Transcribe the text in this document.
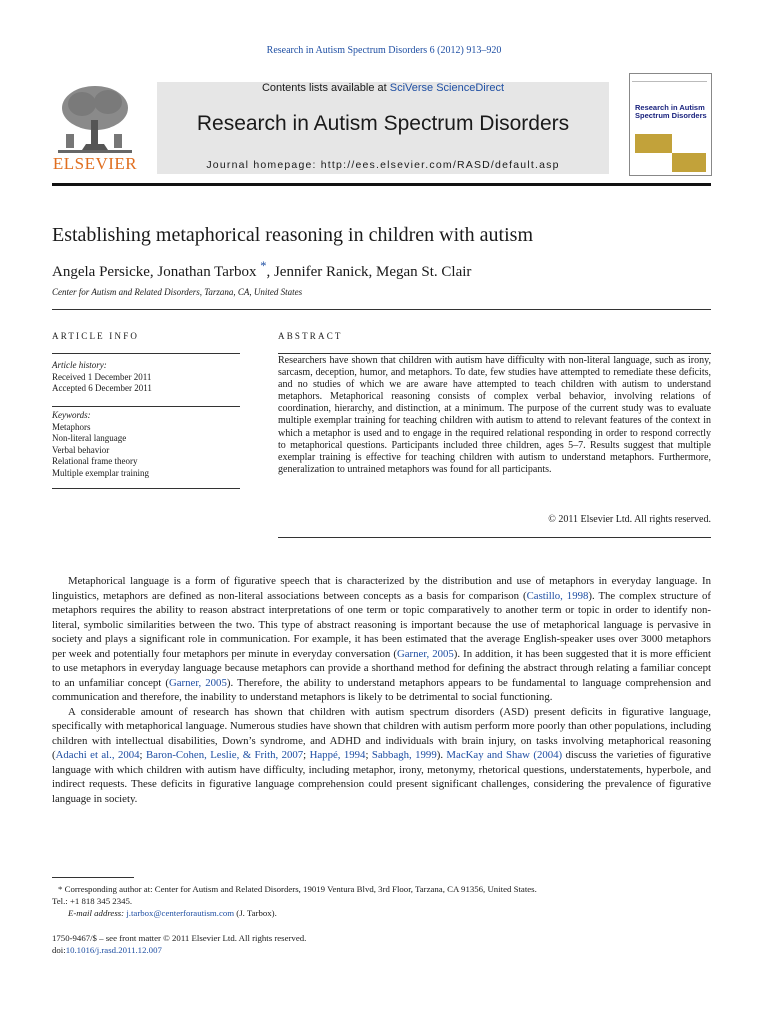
Research in Autism Spectrum Disorders 6 (2012) 913–920
ELSEVIER
Contents lists available at SciVerse ScienceDirect
Research in Autism Spectrum Disorders
Journal homepage: http://ees.elsevier.com/RASD/default.asp
Research in Autism Spectrum Disorders
Establishing metaphorical reasoning in children with autism
Angela Persicke, Jonathan Tarbox *, Jennifer Ranick, Megan St. Clair
Center for Autism and Related Disorders, Tarzana, CA, United States
ARTICLE INFO
Article history:
Received 1 December 2011
Accepted 6 December 2011
Keywords:
Metaphors
Non-literal language
Verbal behavior
Relational frame theory
Multiple exemplar training
ABSTRACT
Researchers have shown that children with autism have difficulty with non-literal language, such as irony, sarcasm, deception, humor, and metaphors. To date, few studies have attempted to remediate these deficits, and no studies of which we are aware have attempted to teach children with autism to understand metaphors. Metaphorical reasoning consists of complex verbal behavior, involving relations of coordination, hierarchy, and distinction, at a minimum. The purpose of the current study was to evaluate multiple exemplar training for teaching children with autism to attend to relevant features of the context in which a metaphor is used and to engage in the required relational responding in order to respond correctly to metaphorical questions. Participants included three children, ages 5–7. Results suggest that multiple exemplar training is effective for teaching children with autism to understand metaphors. Furthermore, generalization to untrained metaphors was found for all participants.
© 2011 Elsevier Ltd. All rights reserved.

Metaphorical language is a form of figurative speech that is characterized by the distribution and use of metaphors in everyday language. In linguistics, metaphors are defined as non-literal associations between concepts as a basis for comparison (Castillo, 1998). The complex structure of metaphors requires the ability to reason abstract interpretations of one term or topic comparatively to another term or topic in order to identify non-literal, symbolic similarities between the two. This type of abstract reasoning is important because the use of metaphorical language is pervasive in society and plays a significant role in communication. For example, it has been estimated that the average English-speaker uses over 3000 metaphors per week and potentially four metaphors per minute in everyday conversation (Garner, 2005). In addition, it has been suggested that it is more efficient to use metaphors in everyday language because metaphors can provide a shorthand method for defining the abstract through relating a familiar concept to an unfamiliar concept (Garner, 2005). Therefore, the ability to understand metaphors appears to be fundamental to language comprehension and communication and therefore, the inability to understand metaphors is likely to be detrimental to social functioning.

A considerable amount of research has shown that children with autism spectrum disorders (ASD) present deficits in figurative language, specifically with metaphorical language. Numerous studies have shown that children with autism perform more poorly than other populations, including children with intellectual disabilities, Down’s syndrome, and ADHD and individuals with brain injury, on tasks involving metaphorical reasoning (Adachi et al., 2004; Baron-Cohen, Leslie, & Frith, 2007; Happé, 1994; Sabbagh, 1999). MacKay and Shaw (2004) discuss the varieties of figurative language with which children with autism have difficulty, including metaphor, irony, metonymy, rhetorical questions, understatements, hyperbole, and indirect requests. These deficits in figurative language comprehension could present significant challenges, considering the prevalence of figurative language in society.

* Corresponding author at: Center for Autism and Related Disorders, 19019 Ventura Blvd, 3rd Floor, Tarzana, CA 91356, United States.
Tel.: +1 818 345 2345.
E-mail address: j.tarbox@centerforautism.com (J. Tarbox).
1750-9467/$ – see front matter © 2011 Elsevier Ltd. All rights reserved.
doi:10.1016/j.rasd.2011.12.007
